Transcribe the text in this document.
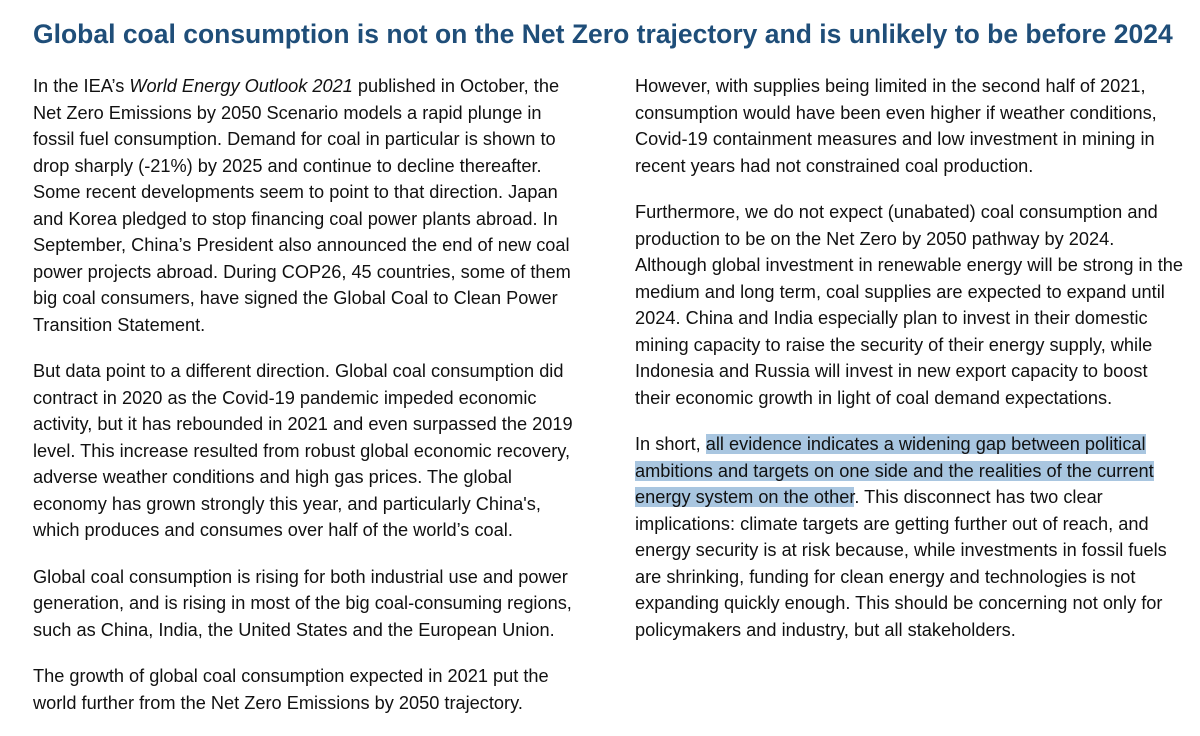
Global coal consumption is not on the Net Zero trajectory and is unlikely to be before 2024

In the IEA’s World Energy Outlook 2021 published in October, the
Net Zero Emissions by 2050 Scenario models a rapid plunge in
fossil fuel consumption. Demand for coal in particular is shown to
drop sharply (-21%) by 2025 and continue to decline thereafter.
Some recent developments seem to point to that direction. Japan
and Korea pledged to stop financing coal power plants abroad. In
September, China’s President also announced the end of new coal
power projects abroad. During COP26, 45 countries, some of them
big coal consumers, have signed the Global Coal to Clean Power
Transition Statement.

But data point to a different direction. Global coal consumption did
contract in 2020 as the Covid-19 pandemic impeded economic
activity, but it has rebounded in 2021 and even surpassed the 2019
level. This increase resulted from robust global economic recovery,
adverse weather conditions and high gas prices. The global
economy has grown strongly this year, and particularly China's,
which produces and consumes over half of the world’s coal.

Global coal consumption is rising for both industrial use and power
generation, and is rising in most of the big coal-consuming regions,
such as China, India, the United States and the European Union.

The growth of global coal consumption expected in 2021 put the
world further from the Net Zero Emissions by 2050 trajectory.

However, with supplies being limited in the second half of 2021,
consumption would have been even higher if weather conditions,
Covid-19 containment measures and low investment in mining in
recent years had not constrained coal production.

Furthermore, we do not expect (unabated) coal consumption and
production to be on the Net Zero by 2050 pathway by 2024.
Although global investment in renewable energy will be strong in the
medium and long term, coal supplies are expected to expand until
2024. China and India especially plan to invest in their domestic
mining capacity to raise the security of their energy supply, while
Indonesia and Russia will invest in new export capacity to boost
their economic growth in light of coal demand expectations.

In short, all evidence indicates a widening gap between political
ambitions and targets on one side and the realities of the current
energy system on the other. This disconnect has two clear
implications: climate targets are getting further out of reach, and
energy security is at risk because, while investments in fossil fuels
are shrinking, funding for clean energy and technologies is not
expanding quickly enough. This should be concerning not only for
policymakers and industry, but all stakeholders.
